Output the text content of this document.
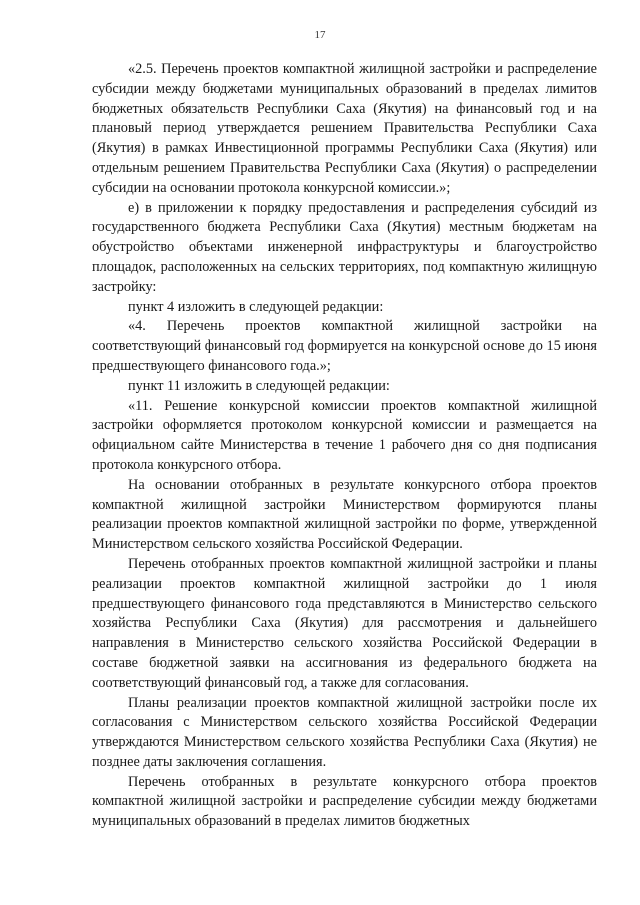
17

«2.5. Перечень проектов компактной жилищной застройки и распределение субсидии между бюджетами муниципальных образований в пределах лимитов бюджетных обязательств Республики Саха (Якутия) на финансовый год и на плановый период утверждается решением Правительства Республики Саха (Якутия) в рамках Инвестиционной программы Республики Саха (Якутия) или отдельным решением Правительства Республики Саха (Якутия) о распределении субсидии на основании протокола конкурсной комиссии.»;

е) в приложении к порядку предоставления и распределения субсидий из государственного бюджета Республики Саха (Якутия) местным бюджетам на обустройство объектами инженерной инфраструктуры и благоустройство площадок, расположенных на сельских территориях, под компактную жилищную застройку:

пункт 4 изложить в следующей редакции:

«4. Перечень проектов компактной жилищной застройки на соответствующий финансовый год формируется на конкурсной основе до 15 июня предшествующего финансового года.»;

пункт 11 изложить в следующей редакции:

«11. Решение конкурсной комиссии проектов компактной жилищной застройки оформляется протоколом конкурсной комиссии и размещается на официальном сайте Министерства в течение 1 рабочего дня со дня подписания протокола конкурсного отбора.

На основании отобранных в результате конкурсного отбора проектов компактной жилищной застройки Министерством формируются планы реализации проектов компактной жилищной застройки по форме, утвержденной Министерством сельского хозяйства Российской Федерации.

Перечень отобранных проектов компактной жилищной застройки и планы реализации проектов компактной жилищной застройки до 1 июля предшествующего финансового года представляются в Министерство сельского хозяйства Республики Саха (Якутия) для рассмотрения и дальнейшего направления в Министерство сельского хозяйства Российской Федерации в составе бюджетной заявки на ассигнования из федерального бюджета на соответствующий финансовый год, а также для согласования.

Планы реализации проектов компактной жилищной застройки после их согласования с Министерством сельского хозяйства Российской Федерации утверждаются Министерством сельского хозяйства Республики Саха (Якутия) не позднее даты заключения соглашения.

Перечень отобранных в результате конкурсного отбора проектов компактной жилищной застройки и распределение субсидии между бюджетами муниципальных образований в пределах лимитов бюджетных
